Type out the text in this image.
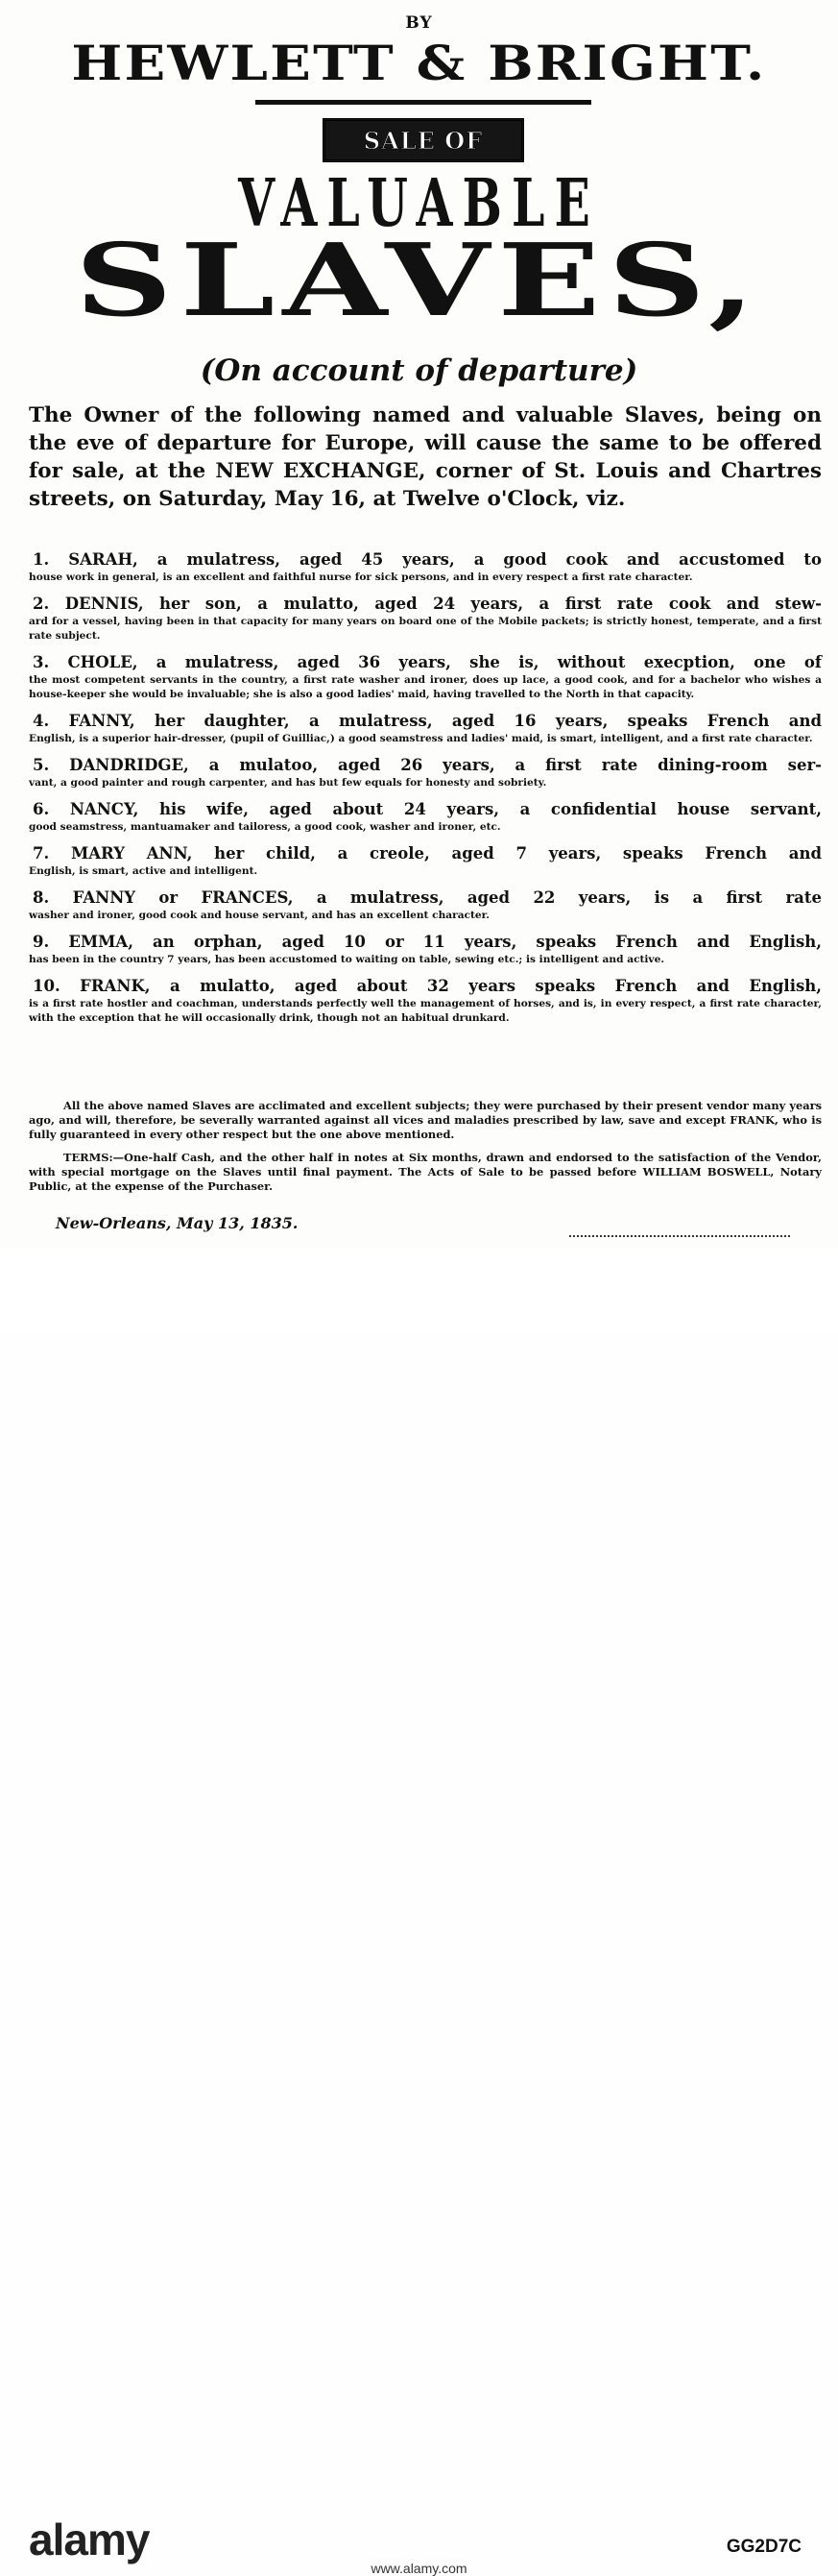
BY
HEWLETT & BRIGHT.
SALE OF
VALUABLE
SLAVES,
(On account of departure)
The Owner of the following named and valuable Slaves, being on the eve of departure for Europe, will cause the same to be offered for sale, at the NEW EXCHANGE, corner of St. Louis and Chartres streets, on Saturday, May 16, at Twelve o'Clock, viz.
1. SARAH, a mulatress, aged 45 years, a good cook and accustomed to
house work in general, is an excellent and faithful nurse for sick persons, and in every respect a first rate character.
2. DENNIS, her son, a mulatto, aged 24 years, a first rate cook and stew-
ard for a vessel, having been in that capacity for many years on board one of the Mobile packets; is strictly honest, temperate, and a first rate subject.
3. CHOLE, a mulatress, aged 36 years, she is, without execption, one of
the most competent servants in the country, a first rate washer and ironer, does up lace, a good cook, and for a bachelor who wishes a house-keeper she would be invaluable; she is also a good ladies' maid, having travelled to the North in that capacity.
4. FANNY, her daughter, a mulatress, aged 16 years, speaks French and
English, is a superior hair-dresser, (pupil of Guilliac,) a good seamstress and ladies' maid, is smart, intelligent, and a first rate character.
5. DANDRIDGE, a mulatoo, aged 26 years, a first rate dining-room ser-
vant, a good painter and rough carpenter, and has but few equals for honesty and sobriety.
6. NANCY, his wife, aged about 24 years, a confidential house servant,
good seamstress, mantuamaker and tailoress, a good cook, washer and ironer, etc.
7. MARY ANN, her child, a creole, aged 7 years, speaks French and
English, is smart, active and intelligent.
8. FANNY or FRANCES, a mulatress, aged 22 years, is a first rate
washer and ironer, good cook and house servant, and has an excellent character.
9. EMMA, an orphan, aged 10 or 11 years, speaks French and English,
has been in the country 7 years, has been accustomed to waiting on table, sewing etc.; is intelligent and active.
10. FRANK, a mulatto, aged about 32 years speaks French and English,
is a first rate hostler and coachman, understands perfectly well the management of horses, and is, in every respect, a first rate character, with the exception that he will occasionally drink, though not an habitual drunkard.
All the above named Slaves are acclimated and excellent subjects; they were purchased by their present vendor many years ago, and will, therefore, be severally warranted against all vices and maladies prescribed by law, save and except FRANK, who is fully guaranteed in every other respect but the one above mentioned.
TERMS:—One-half Cash, and the other half in notes at Six months, drawn and endorsed to the satisfaction of the Vendor, with special mortgage on the Slaves until final payment. The Acts of Sale to be passed before WILLIAM BOSWELL, Notary Public, at the expense of the Purchaser.
New-Orleans, May 13, 1835.
alamy	GG2D7C
www.alamy.com
